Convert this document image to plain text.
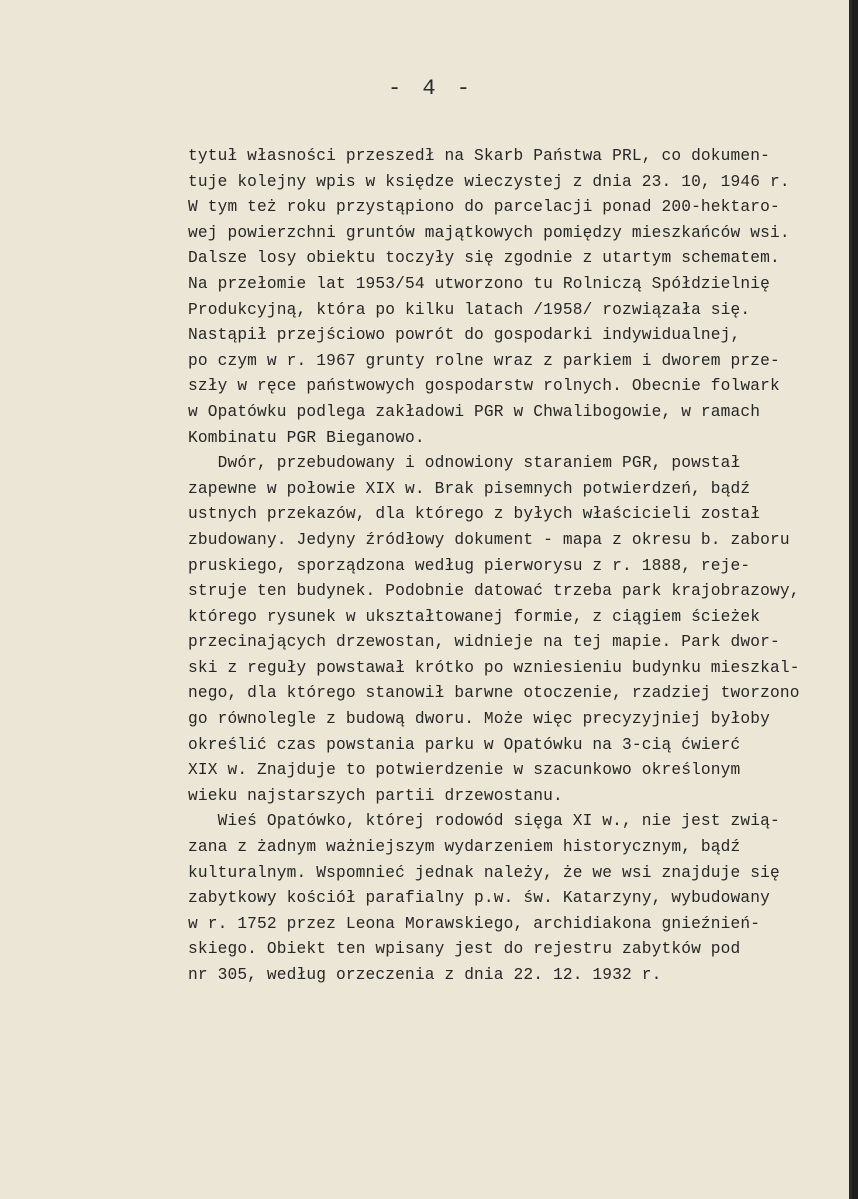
- 4 -
tytuł własności przeszedł na Skarb Państwa PRL, co dokumen-
tuje kolejny wpis w księdze wieczystej z dnia 23. 10, 1946 r.
W tym też roku przystąpiono do parcelacji ponad 200-hektaro-
wej powierzchni gruntów majątkowych pomiędzy mieszkańców wsi.
Dalsze losy obiektu toczyły się zgodnie z utartym schematem.
Na przełomie lat 1953/54 utworzono tu Rolniczą Spółdzielnię
Produkcyjną, która po kilku latach /1958/ rozwiązała się.
Nastąpił przejściowo powrót do gospodarki indywidualnej,
po czym w r. 1967 grunty rolne wraz z parkiem i dworem prze-
szły w ręce państwowych gospodarstw rolnych. Obecnie folwark
w Opatówku podlega zakładowi PGR w Chwalibogowie, w ramach
Kombinatu PGR Bieganowo.
Dwór, przebudowany i odnowiony staraniem PGR, powstał
zapewne w połowie XIX w. Brak pisemnych potwierdzeń, bądź
ustnych przekazów, dla którego z byłych właścicieli został
zbudowany. Jedyny źródłowy dokument - mapa z okresu b. zaboru
pruskiego, sporządzona według pierworysu z r. 1888, reje-
struje ten budynek. Podobnie datować trzeba park krajobrazowy,
którego rysunek w ukształtowanej formie, z ciągiem ścieżek
przecinających drzewostan, widnieje na tej mapie. Park dwor-
ski z reguły powstawał krótko po wzniesieniu budynku mieszkal-
nego, dla którego stanowił barwne otoczenie, rzadziej tworzono
go równolegle z budową dworu. Może więc precyzyjniej byłoby
określić czas powstania parku w Opatówku na 3-cią ćwierć
XIX w. Znajduje to potwierdzenie w szacunkowo określonym
wieku najstarszych partii drzewostanu.
Wieś Opatówko, której rodowód sięga XI w., nie jest zwią-
zana z żadnym ważniejszym wydarzeniem historycznym, bądź
kulturalnym. Wspomnieć jednak należy, że we wsi znajduje się
zabytkowy kościół parafialny p.w. św. Katarzyny, wybudowany
w r. 1752 przez Leona Morawskiego, archidiakona gnieźnień-
skiego. Obiekt ten wpisany jest do rejestru zabytków pod
nr 305, według orzeczenia z dnia 22. 12. 1932 r.
